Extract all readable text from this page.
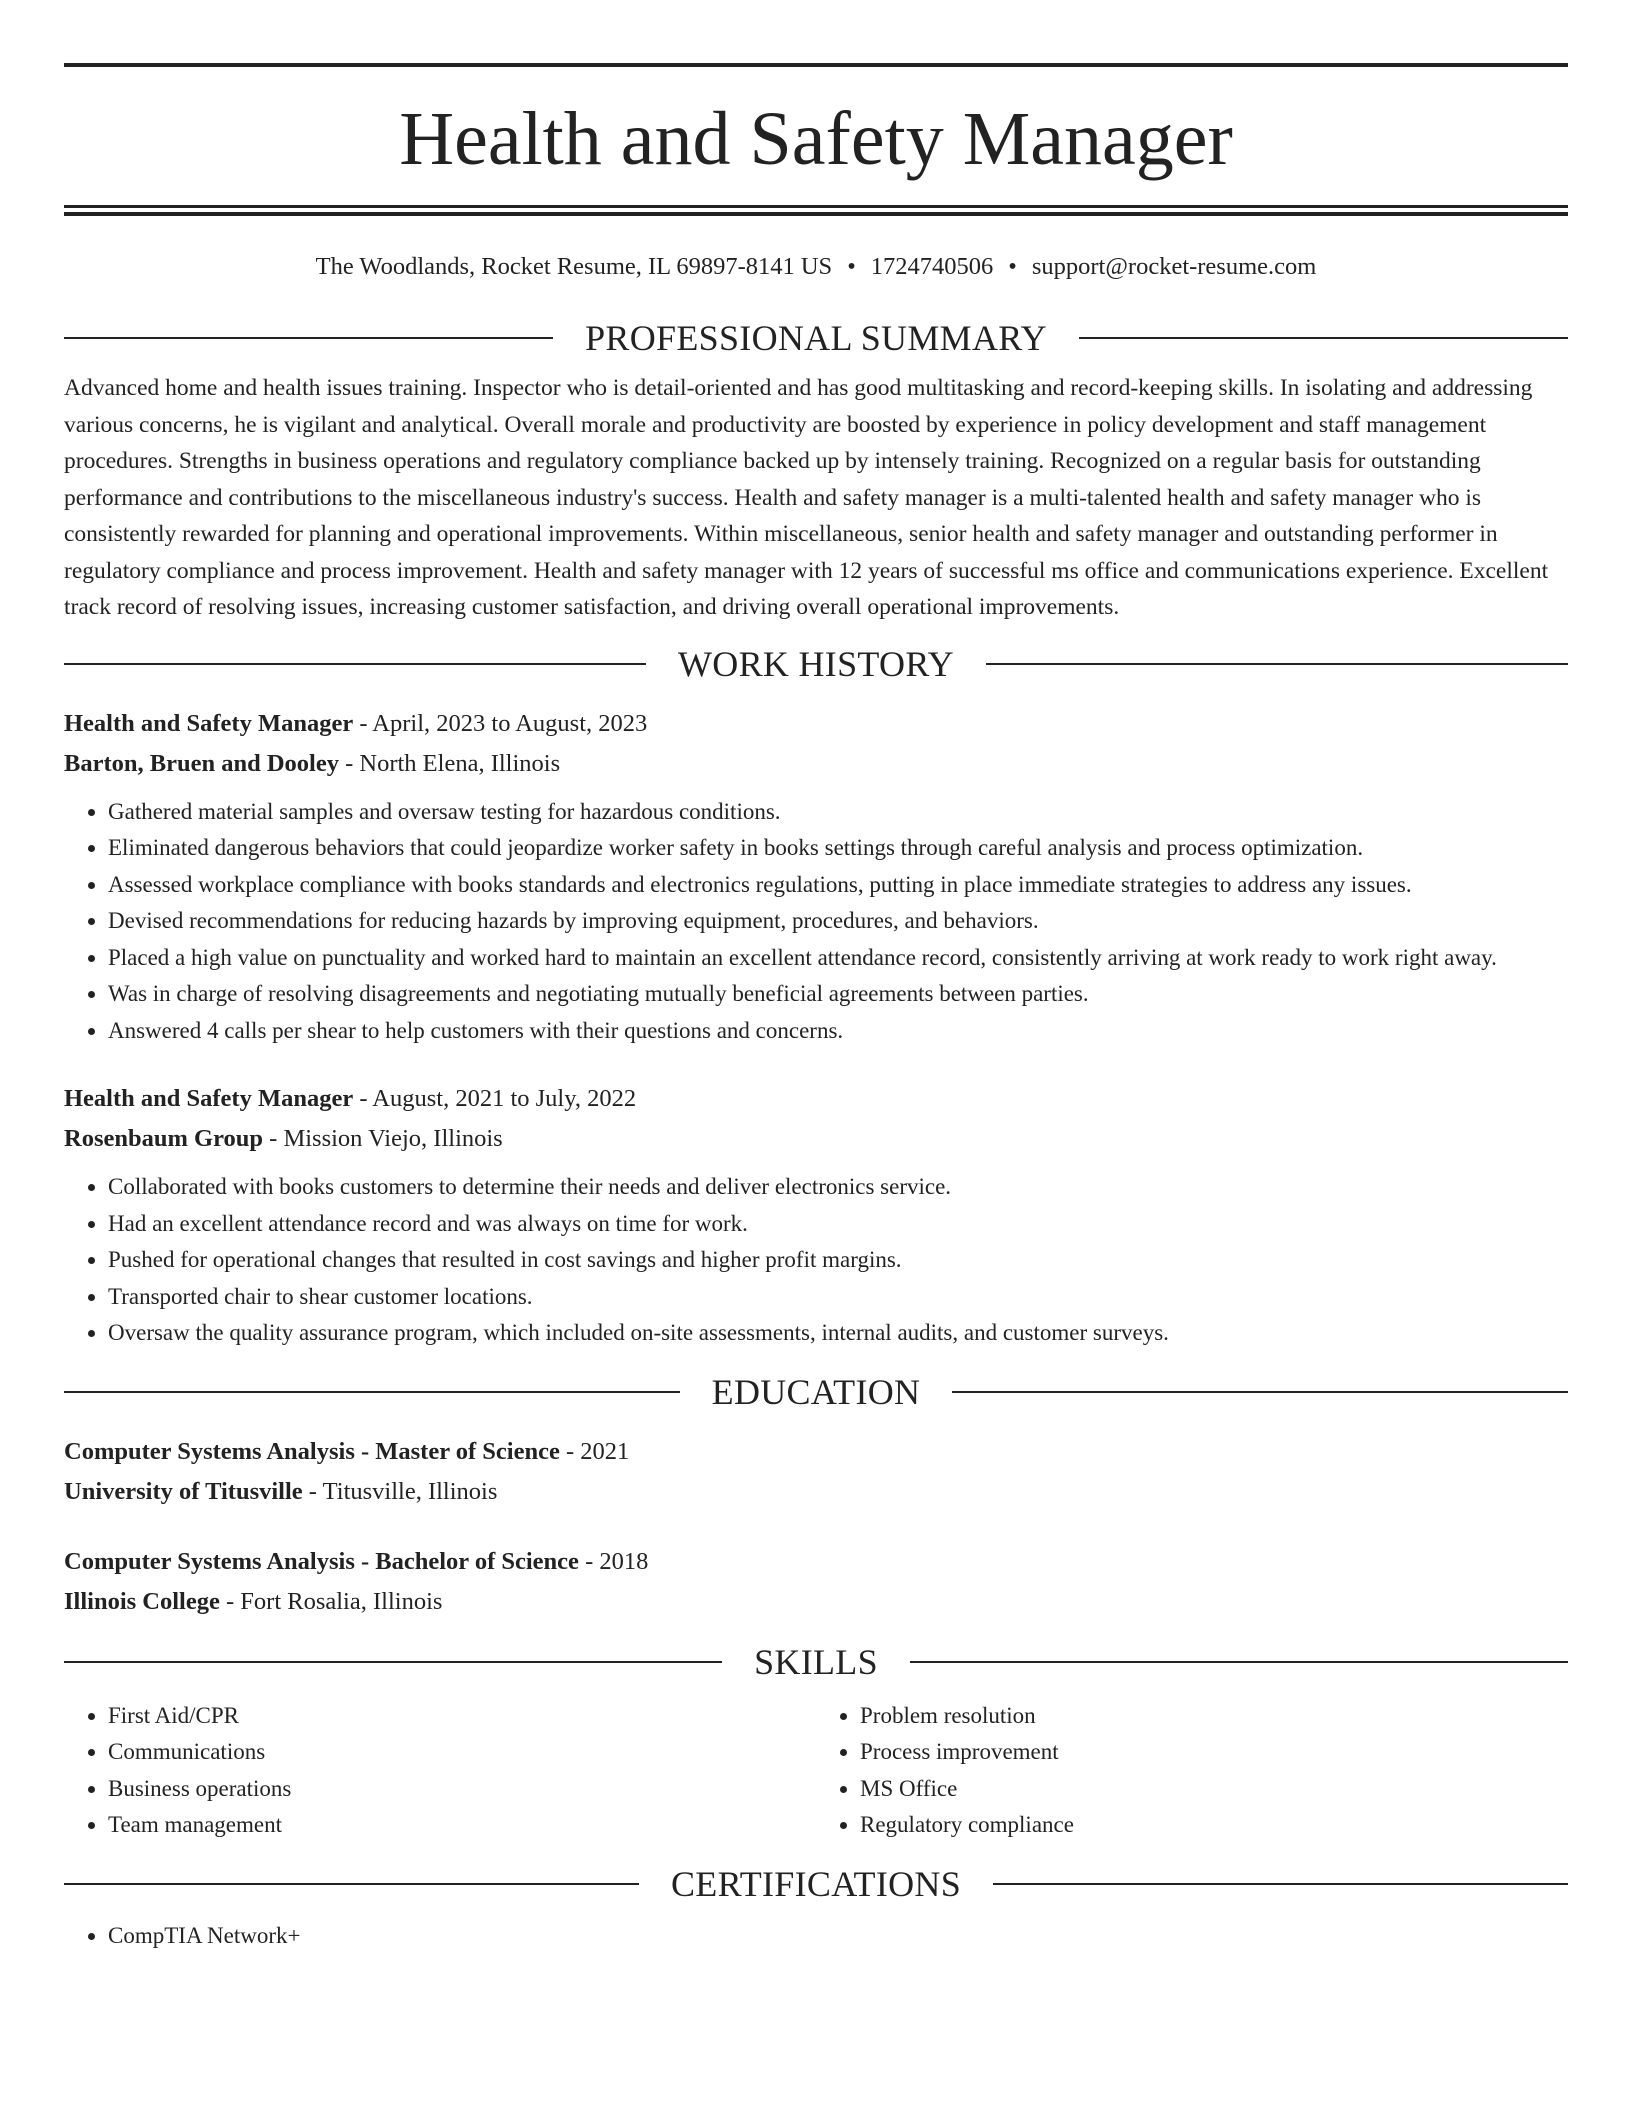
Health and Safety Manager
The Woodlands, Rocket Resume, IL 69897-8141 US • 1724740506 • support@rocket-resume.com
PROFESSIONAL SUMMARY

Advanced home and health issues training. Inspector who is detail-oriented and has good multitasking and record-keeping skills. In isolating and addressing various concerns, he is vigilant and analytical. Overall morale and productivity are boosted by experience in policy development and staff management procedures. Strengths in business operations and regulatory compliance backed up by intensely training. Recognized on a regular basis for outstanding performance and contributions to the miscellaneous industry's success. Health and safety manager is a multi-talented health and safety manager who is consistently rewarded for planning and operational improvements. Within miscellaneous, senior health and safety manager and outstanding performer in regulatory compliance and process improvement. Health and safety manager with 12 years of successful ms office and communications experience. Excellent track record of resolving issues, increasing customer satisfaction, and driving overall operational improvements.

WORK HISTORY
Health and Safety Manager - April, 2023 to August, 2023
Barton, Bruen and Dooley - North Elena, Illinois
• Gathered material samples and oversaw testing for hazardous conditions.
• Eliminated dangerous behaviors that could jeopardize worker safety in books settings through careful analysis and process optimization.
• Assessed workplace compliance with books standards and electronics regulations, putting in place immediate strategies to address any issues.
• Devised recommendations for reducing hazards by improving equipment, procedures, and behaviors.
• Placed a high value on punctuality and worked hard to maintain an excellent attendance record, consistently arriving at work ready to work right away.
• Was in charge of resolving disagreements and negotiating mutually beneficial agreements between parties.
• Answered 4 calls per shear to help customers with their questions and concerns.
Health and Safety Manager - August, 2021 to July, 2022
Rosenbaum Group - Mission Viejo, Illinois
• Collaborated with books customers to determine their needs and deliver electronics service.
• Had an excellent attendance record and was always on time for work.
• Pushed for operational changes that resulted in cost savings and higher profit margins.
• Transported chair to shear customer locations.
• Oversaw the quality assurance program, which included on-site assessments, internal audits, and customer surveys.
EDUCATION
Computer Systems Analysis - Master of Science - 2021
University of Titusville - Titusville, Illinois
Computer Systems Analysis - Bachelor of Science - 2018
Illinois College - Fort Rosalia, Illinois
SKILLS
• First Aid/CPR
• Communications
• Business operations
• Team management
• Problem resolution
• Process improvement
• MS Office
• Regulatory compliance
CERTIFICATIONS
• CompTIA Network+
